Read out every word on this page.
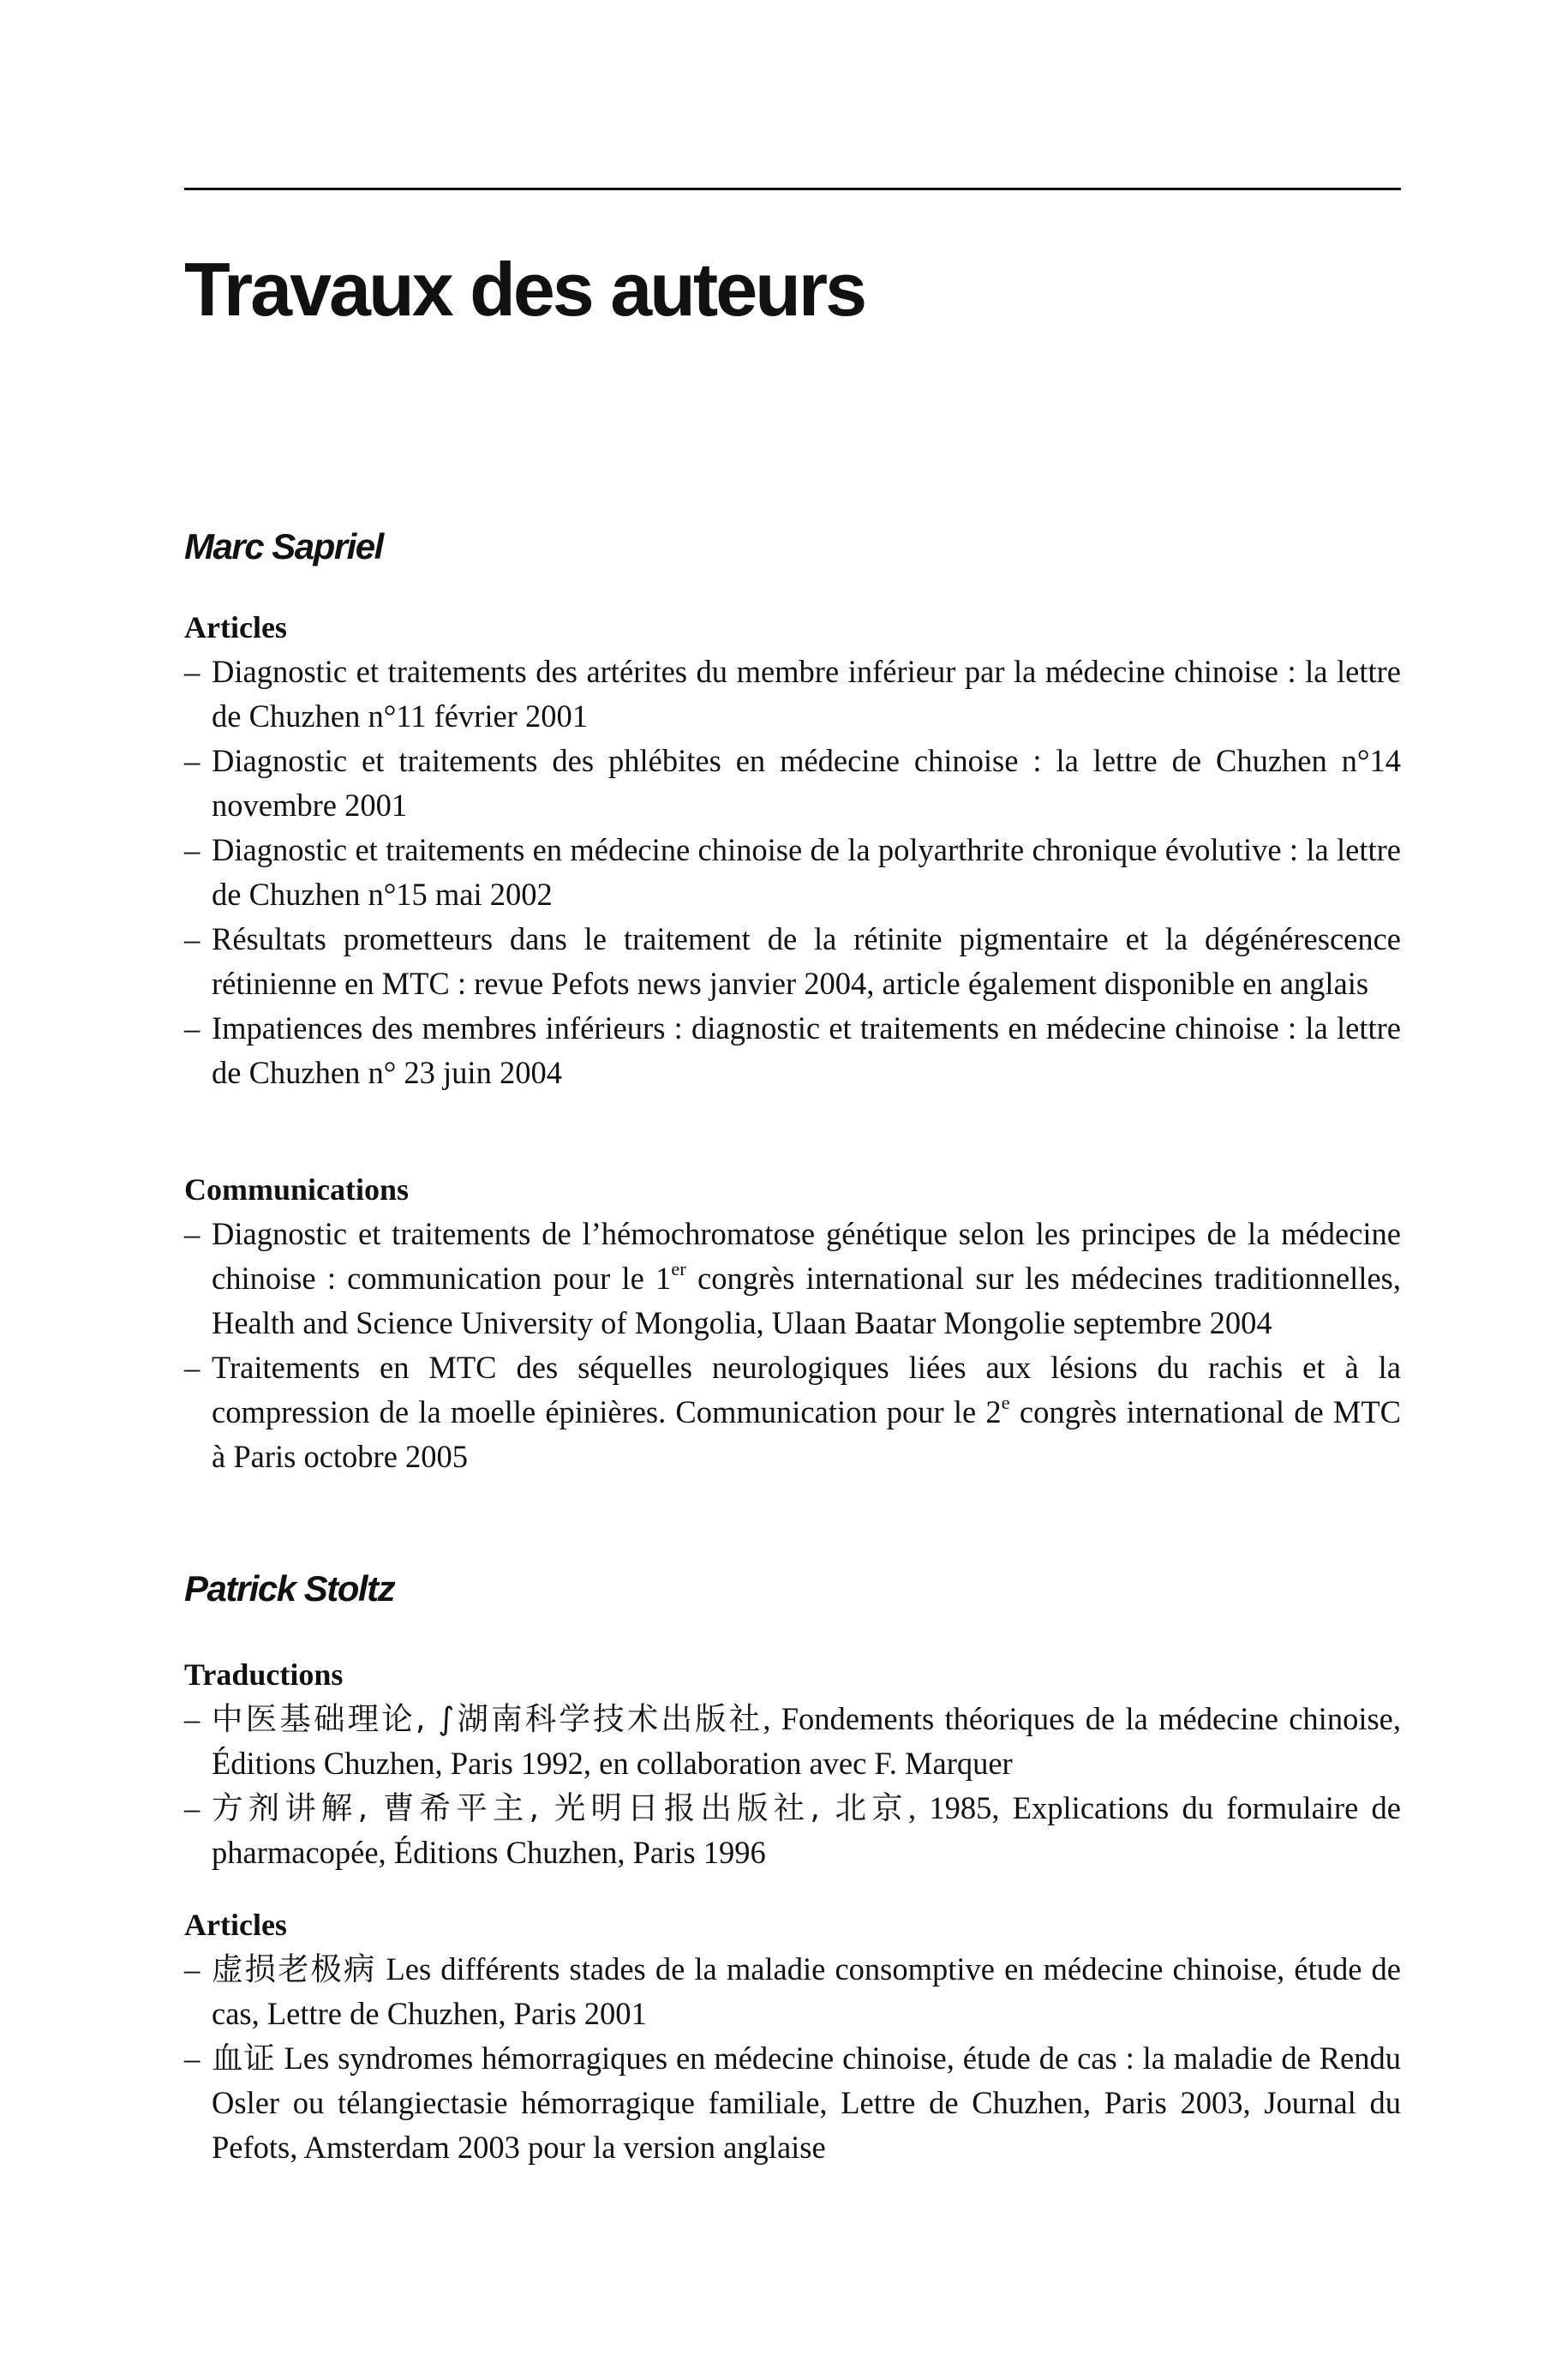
Travaux des auteurs
Marc Sapriel
Articles
– Diagnostic et traitements des artérites du membre inférieur par la médecine chinoise : la lettre de Chuzhen n°11 février 2001
– Diagnostic et traitements des phlébites en médecine chinoise : la lettre de Chuzhen n°14 novembre 2001
– Diagnostic et traitements en médecine chinoise de la polyarthrite chronique évolutive : la lettre de Chuzhen n°15 mai 2002
– Résultats prometteurs dans le traitement de la rétinite pigmentaire et la dégénérescence rétinienne en MTC : revue Pefots news janvier 2004, article également disponible en anglais
– Impatiences des membres inférieurs : diagnostic et traitements en médecine chinoise : la lettre de Chuzhen n° 23 juin 2004
Communications
– Diagnostic et traitements de l’hémochromatose génétique selon les principes de la médecine chinoise : communication pour le 1er congrès international sur les médecines traditionnelles, Health and Science University of Mongolia, Ulaan Baatar Mongolie septembre 2004
– Traitements en MTC des séquelles neurologiques liées aux lésions du rachis et à la compression de la moelle épinières. Communication pour le 2e congrès international de MTC à Paris octobre 2005
Patrick Stoltz
Traductions
– 中医基础理论, ∫湖南科学技术出版社, Fondements théoriques de la médecine chinoise, Éditions Chuzhen, Paris 1992, en collaboration avec F. Marquer
– 方剂讲解, 曹希平主, 光明日报出版社, 北京, 1985, Explications du formulaire de pharmacopée, Éditions Chuzhen, Paris 1996
Articles
– 虚损老极病 Les différents stades de la maladie consomptive en médecine chinoise, étude de cas, Lettre de Chuzhen, Paris 2001
– 血证 Les syndromes hémorragiques en médecine chinoise, étude de cas : la maladie de Rendu Osler ou télangiectasie hémorragique familiale, Lettre de Chuzhen, Paris 2003, Journal du Pefots, Amsterdam 2003 pour la version anglaise
